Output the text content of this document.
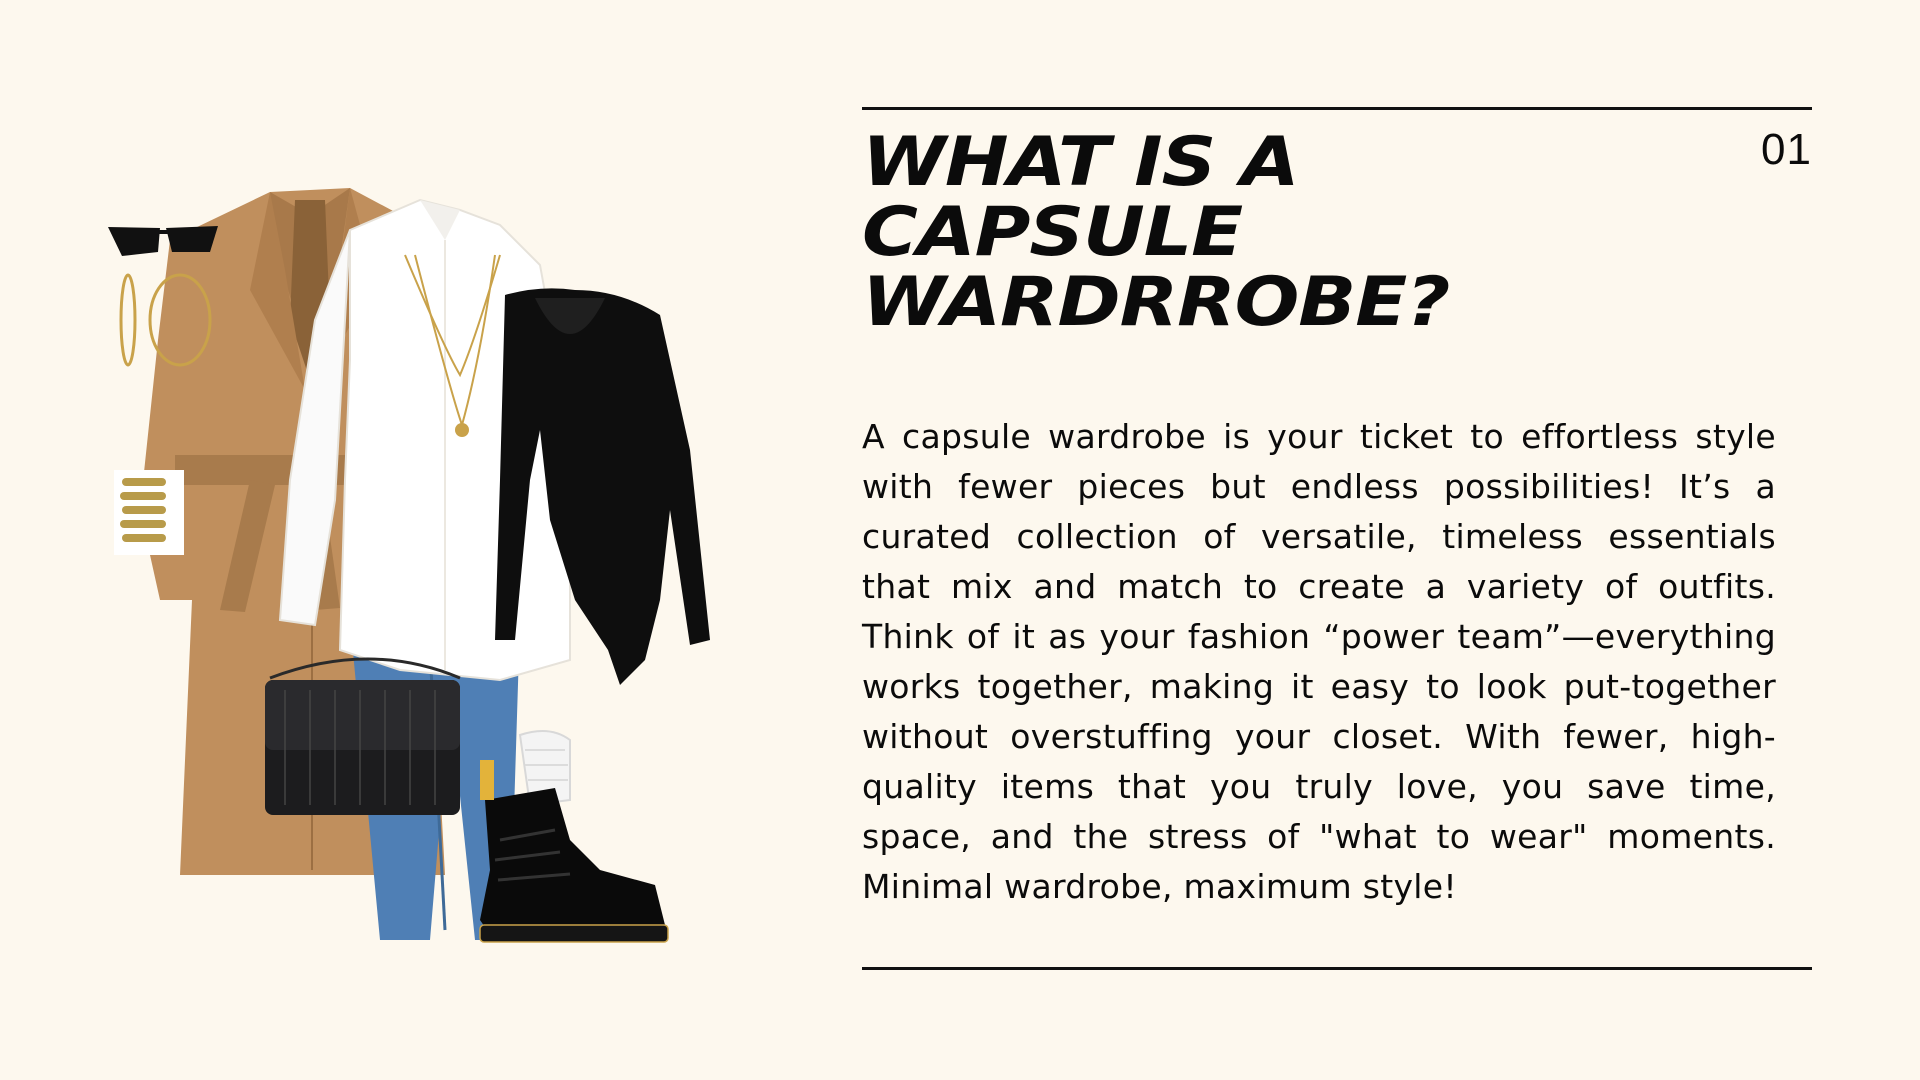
WHAT IS A
CAPSULE
WARDRROBE?
01

A capsule wardrobe is your ticket to effortless style with fewer pieces but endless possibilities! It’s a curated collection of versatile, timeless essentials that mix and match to create a variety of outfits. Think of it as your fashion “power team”—everything works together, making it easy to look put-together without overstuffing your closet. With fewer, high-quality items that you truly love, you save time, space, and the stress of "what to wear" moments. Minimal wardrobe, maximum style!
